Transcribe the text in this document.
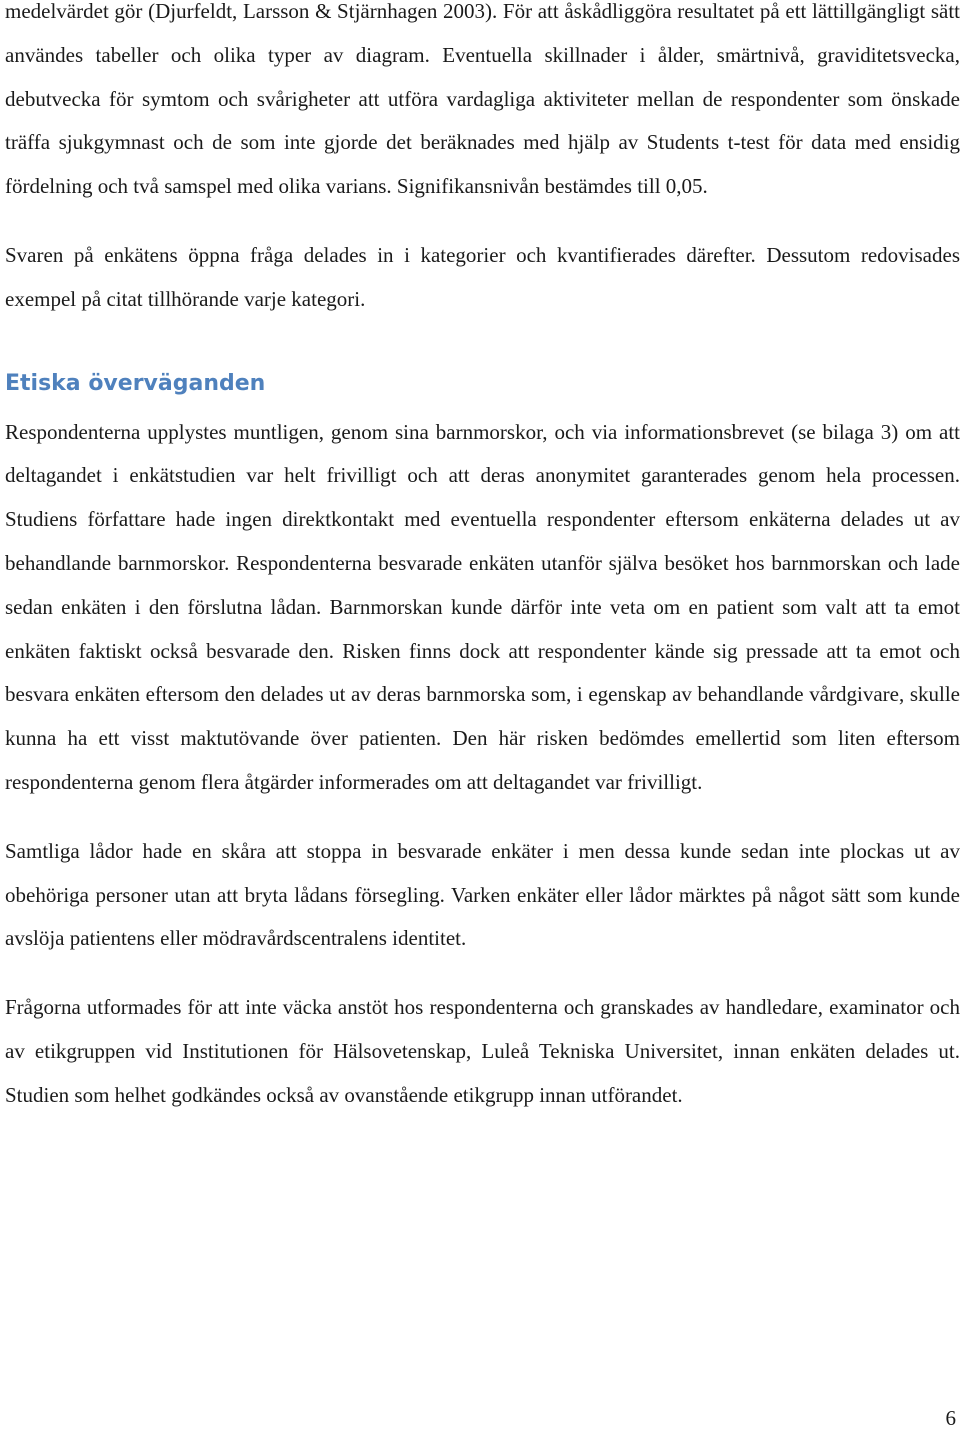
medelvärdet gör (Djurfeldt, Larsson & Stjärnhagen 2003). För att åskådliggöra resultatet på ett lättillgängligt sätt användes tabeller och olika typer av diagram. Eventuella skillnader i ålder, smärtnivå, graviditetsvecka, debutvecka för symtom och svårigheter att utföra vardagliga aktiviteter mellan de respondenter som önskade träffa sjukgymnast och de som inte gjorde det beräknades med hjälp av Students t-test för data med ensidig fördelning och två samspel med olika varians. Signifikansnivån bestämdes till 0,05.

Svaren på enkätens öppna fråga delades in i kategorier och kvantifierades därefter. Dessutom redovisades exempel på citat tillhörande varje kategori.

Etiska överväganden

Respondenterna upplystes muntligen, genom sina barnmorskor, och via informationsbrevet (se bilaga 3) om att deltagandet i enkätstudien var helt frivilligt och att deras anonymitet garanterades genom hela processen. Studiens författare hade ingen direktkontakt med eventuella respondenter eftersom enkäterna delades ut av behandlande barnmorskor. Respondenterna besvarade enkäten utanför själva besöket hos barnmorskan och lade sedan enkäten i den förslutna lådan. Barnmorskan kunde därför inte veta om en patient som valt att ta emot enkäten faktiskt också besvarade den. Risken finns dock att respondenter kände sig pressade att ta emot och besvara enkäten eftersom den delades ut av deras barnmorska som, i egenskap av behandlande vårdgivare, skulle kunna ha ett visst maktutövande över patienten. Den här risken bedömdes emellertid som liten eftersom respondenterna genom flera åtgärder informerades om att deltagandet var frivilligt.

Samtliga lådor hade en skåra att stoppa in besvarade enkäter i men dessa kunde sedan inte plockas ut av obehöriga personer utan att bryta lådans försegling. Varken enkäter eller lådor märktes på något sätt som kunde avslöja patientens eller mödravårdscentralens identitet.

Frågorna utformades för att inte väcka anstöt hos respondenterna och granskades av handledare, examinator och av etikgruppen vid Institutionen för Hälsovetenskap, Luleå Tekniska Universitet, innan enkäten delades ut. Studien som helhet godkändes också av ovanstående etikgrupp innan utförandet.

6
